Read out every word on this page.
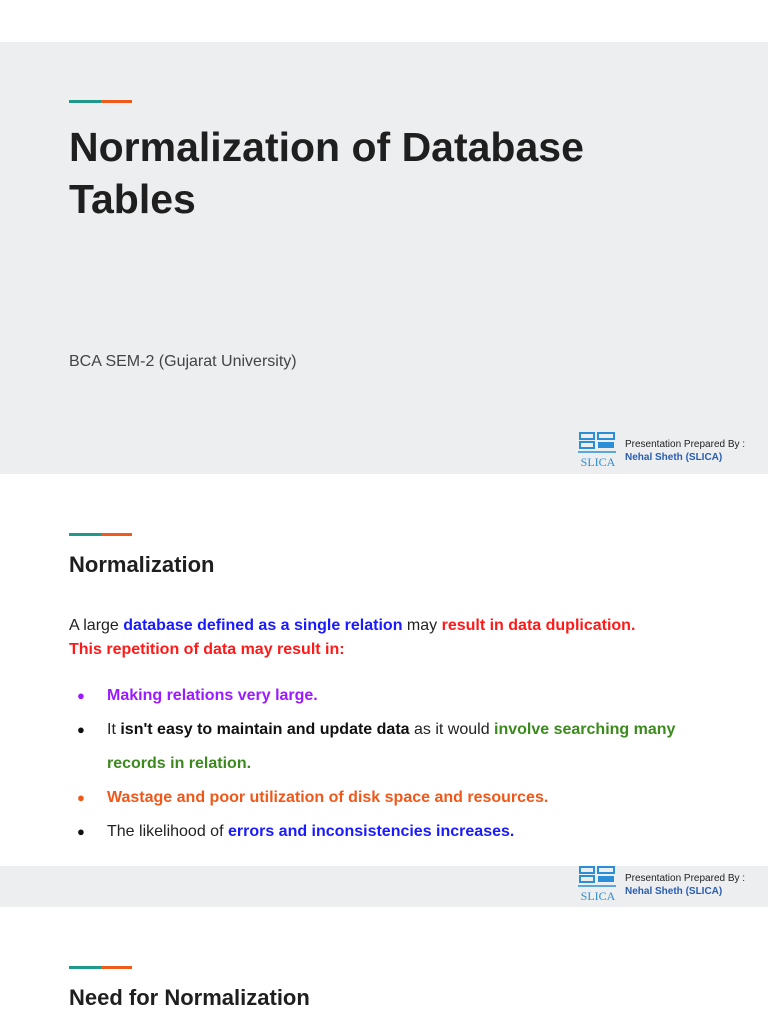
Normalization of Database
Tables

BCA SEM-2 (Gujarat University)

SLICA
Presentation Prepared By :
Nehal Sheth (SLICA)
Normalization

A large database defined as a single relation may result in data duplication.
This repetition of data may result in:

● Making relations very large.
● It isn't easy to maintain and update data as it would involve searching many records in relation.
● Wastage and poor utilization of disk space and resources.
● The likelihood of errors and inconsistencies increases.
SLICA
Presentation Prepared By :
Nehal Sheth (SLICA)
Need for Normalization
